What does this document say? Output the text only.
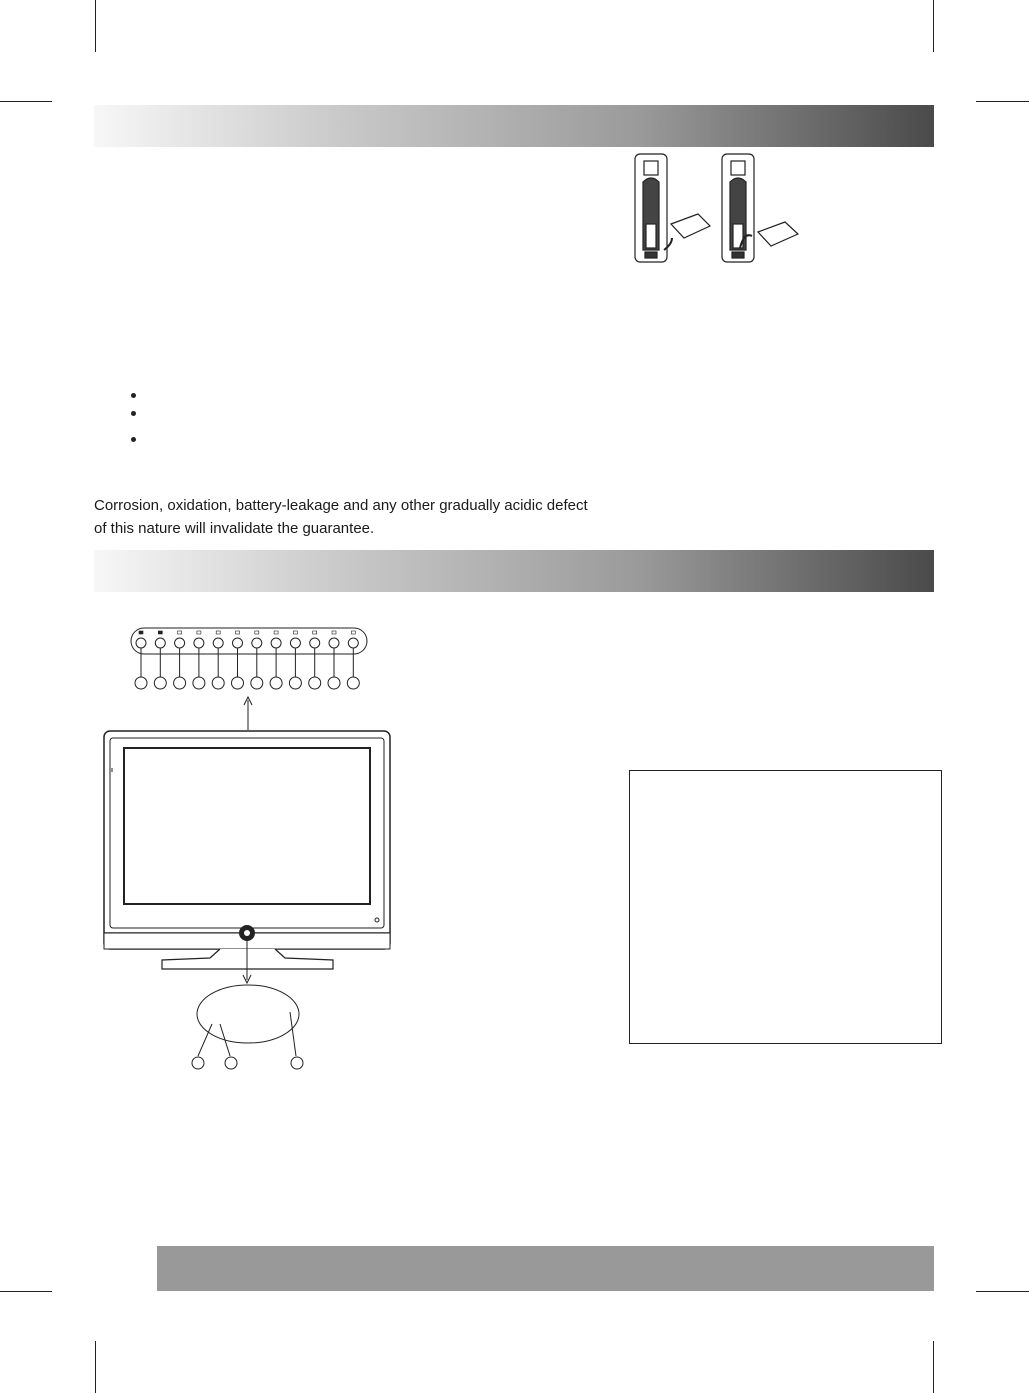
Corrosion, oxidation, battery-leakage and any other gradually acidic defect

of this nature will invalidate the guarantee.
